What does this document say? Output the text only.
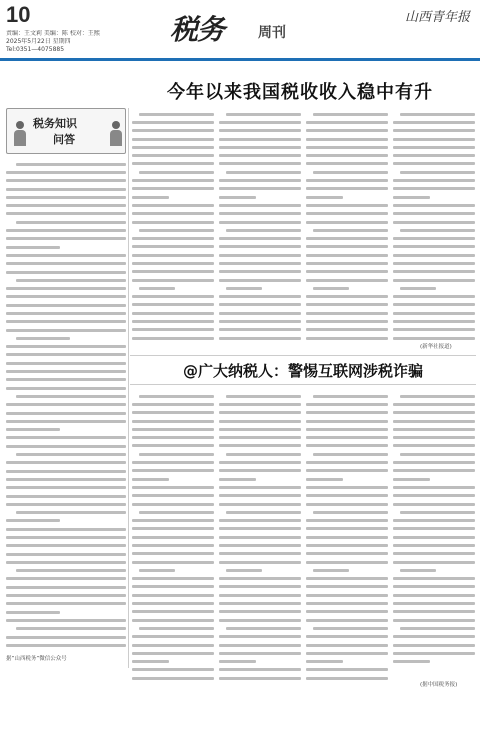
10
责编：王文莉 美编：陈 校对：王熙
2025年5月22日 星期四
Tel:0351—4075885
税务 周刊
山西青年报
今年以来我国税收收入稳中有升
税务知识
问答
据”山西税务”微信公众号
(新华社报道)
@广大纳税人：警惕互联网涉税诈骗
(据中国税务报)
